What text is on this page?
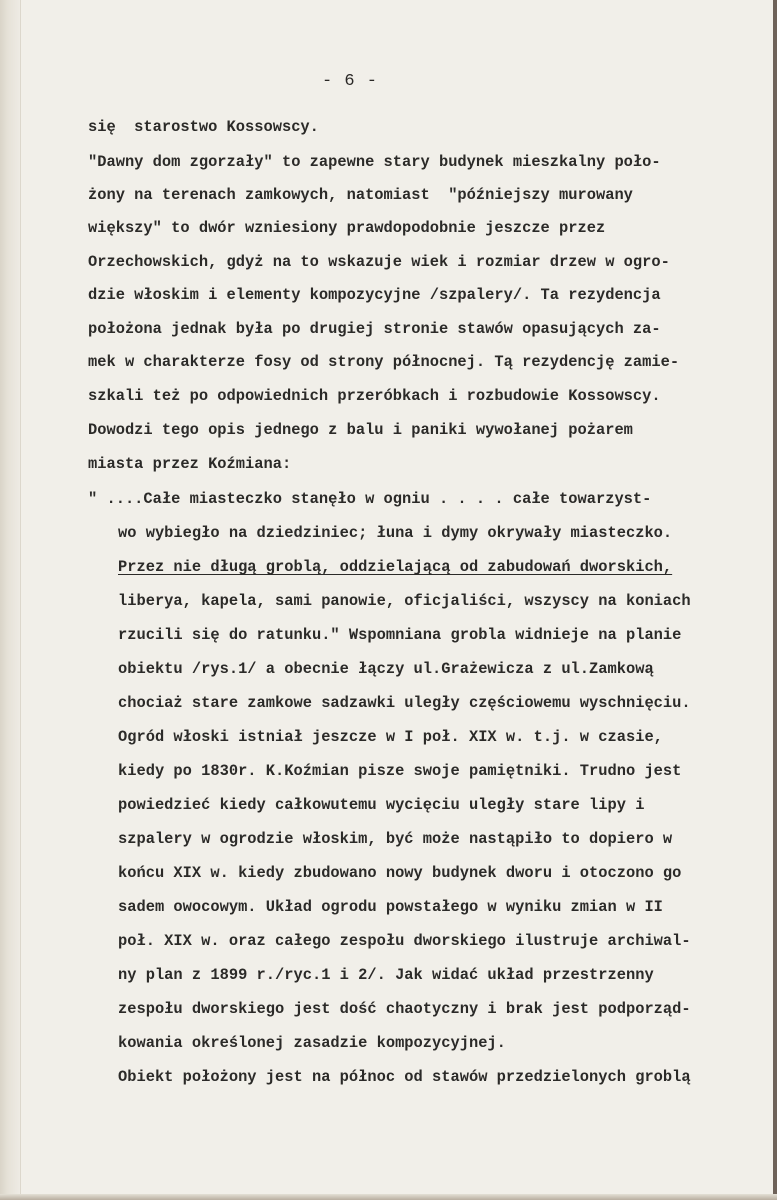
- 6 -
się  starostwo Kossowscy.
"Dawny dom zgorzały" to zapewne stary budynek mieszkalny poło-
żony na terenach zamkowych, natomiast  "późniejszy murowany
większy" to dwór wzniesiony prawdopodobnie jeszcze przez
Orzechowskich, gdyż na to wskazuje wiek i rozmiar drzew w ogro-
dzie włoskim i elementy kompozycyjne /szpalery/. Ta rezydencja
położona jednak była po drugiej stronie stawów opasujących za-
mek w charakterze fosy od strony północnej. Tą rezydencję zamie-
szkali też po odpowiednich przeróbkach i rozbudowie Kossowscy.
Dowodzi tego opis jednego z balu i paniki wywołanej pożarem
miasta przez Koźmiana:
" ....Całe miasteczko stanęło w ogniu . . . . całe towarzyst-
wo wybiegło na dziedziniec; łuna i dymy okrywały miasteczko.
Przez nie długą groblą, oddzielającą od zabudowań dworskich,
liberya, kapela, sami panowie, oficjaliści, wszyscy na koniach
rzucili się do ratunku." Wspomniana grobla widnieje na planie
obiektu /rys.1/ a obecnie łączy ul.Grażewicza z ul.Zamkową
chociaż stare zamkowe sadzawki uległy częściowemu wyschnięciu.
Ogród włoski istniał jeszcze w I poł. XIX w. t.j. w czasie,
kiedy po 1830r. K.Koźmian pisze swoje pamiętniki. Trudno jest
powiedzieć kiedy całkowutemu wycięciu uległy stare lipy i
szpalery w ogrodzie włoskim, być może nastąpiło to dopiero w
końcu XIX w. kiedy zbudowano nowy budynek dworu i otoczono go
sadem owocowym. Układ ogrodu powstałego w wyniku zmian w II
poł. XIX w. oraz całego zespołu dworskiego ilustruje archiwal-
ny plan z 1899 r./ryc.1 i 2/. Jak widać układ przestrzenny
zespołu dworskiego jest dość chaotyczny i brak jest podporząd-
kowania określonej zasadzie kompozycyjnej.
Obiekt położony jest na północ od stawów przedzielonych groblą
